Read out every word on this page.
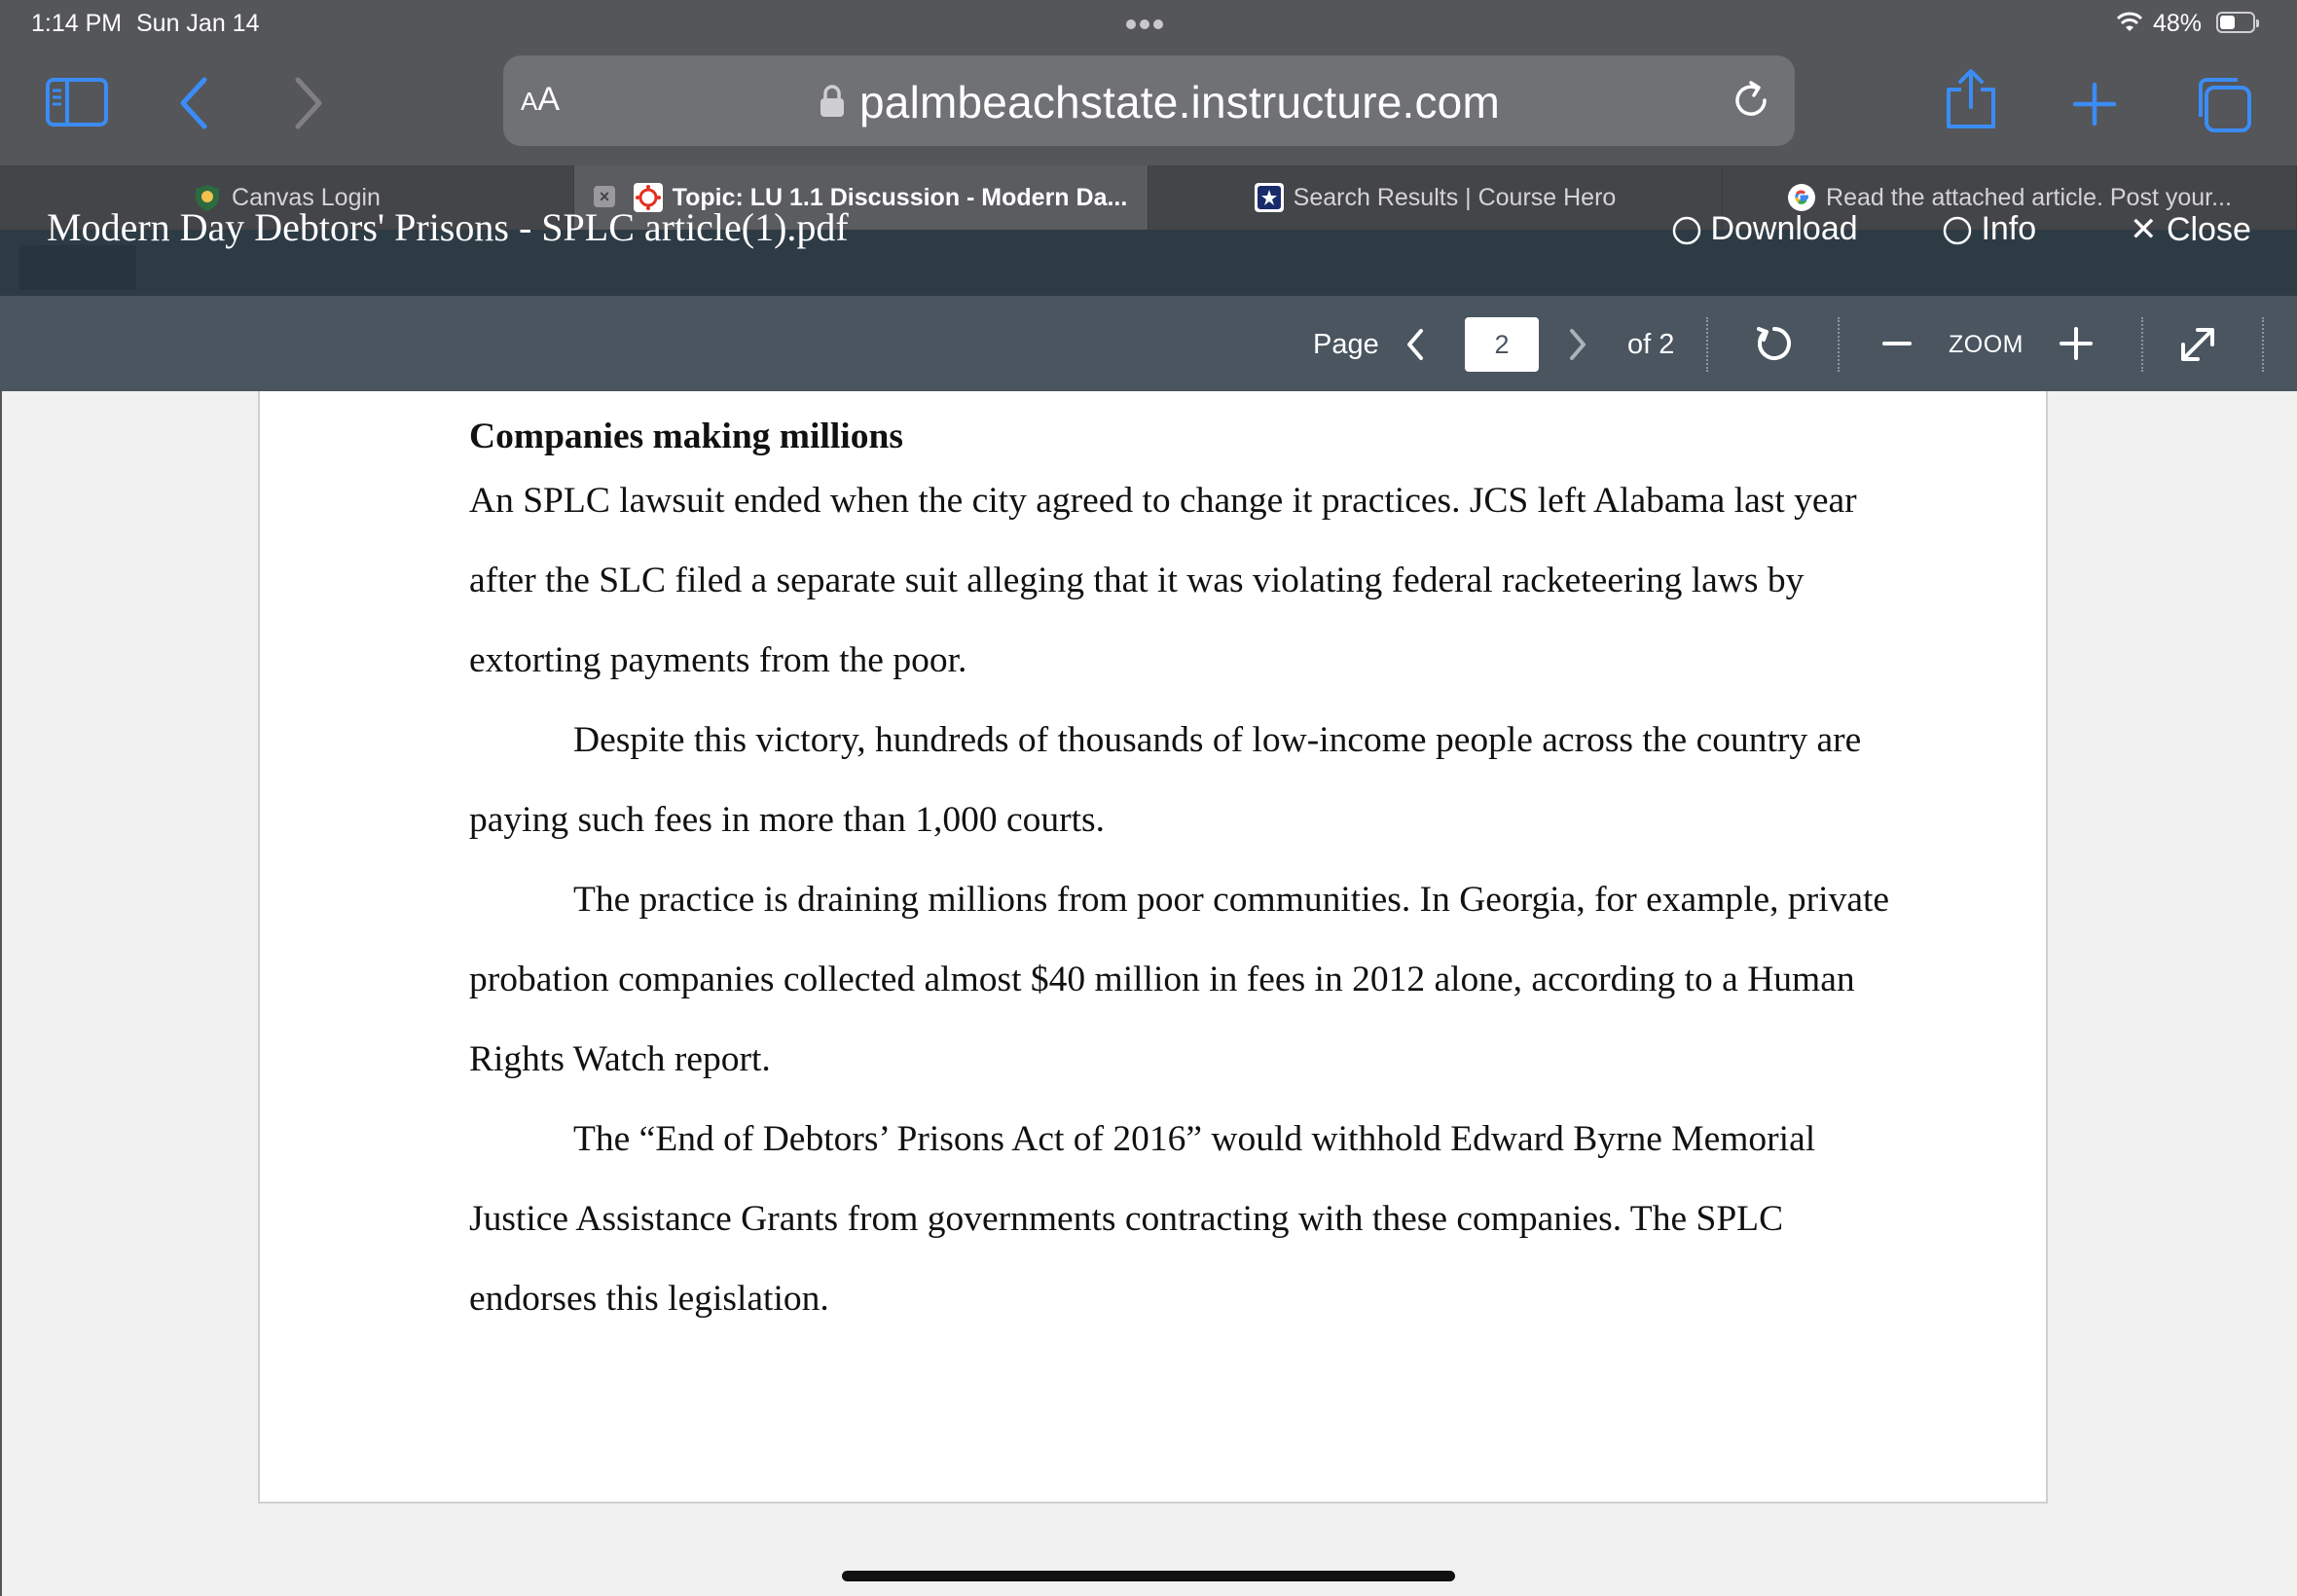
1:14 PM Sun Jan 14	48%
AA	palmbeachstate.instructure.com
Canvas Login	×	Topic: LU 1.1 Discussion - Modern Da...	Search Results | Course Hero	Read the attached article. Post your...
Modern Day Debtors' Prisons - SPLC article(1).pdf	Download	Info	✕ Close
Page
2	of 2	ZOOM
Companies making millions

An SPLC lawsuit ended when the city agreed to change it practices. JCS left Alabama last year after the SLC filed a separate suit alleging that it was violating federal racketeering laws by extorting payments from the poor.

Despite this victory, hundreds of thousands of low-income people across the country are paying such fees in more than 1,000 courts.

The practice is draining millions from poor communities. In Georgia, for example, private probation companies collected almost $40 million in fees in 2012 alone, according to a Human Rights Watch report.

The “End of Debtors’ Prisons Act of 2016” would withhold Edward Byrne Memorial Justice Assistance Grants from governments contracting with these companies. The SPLC endorses this legislation.
